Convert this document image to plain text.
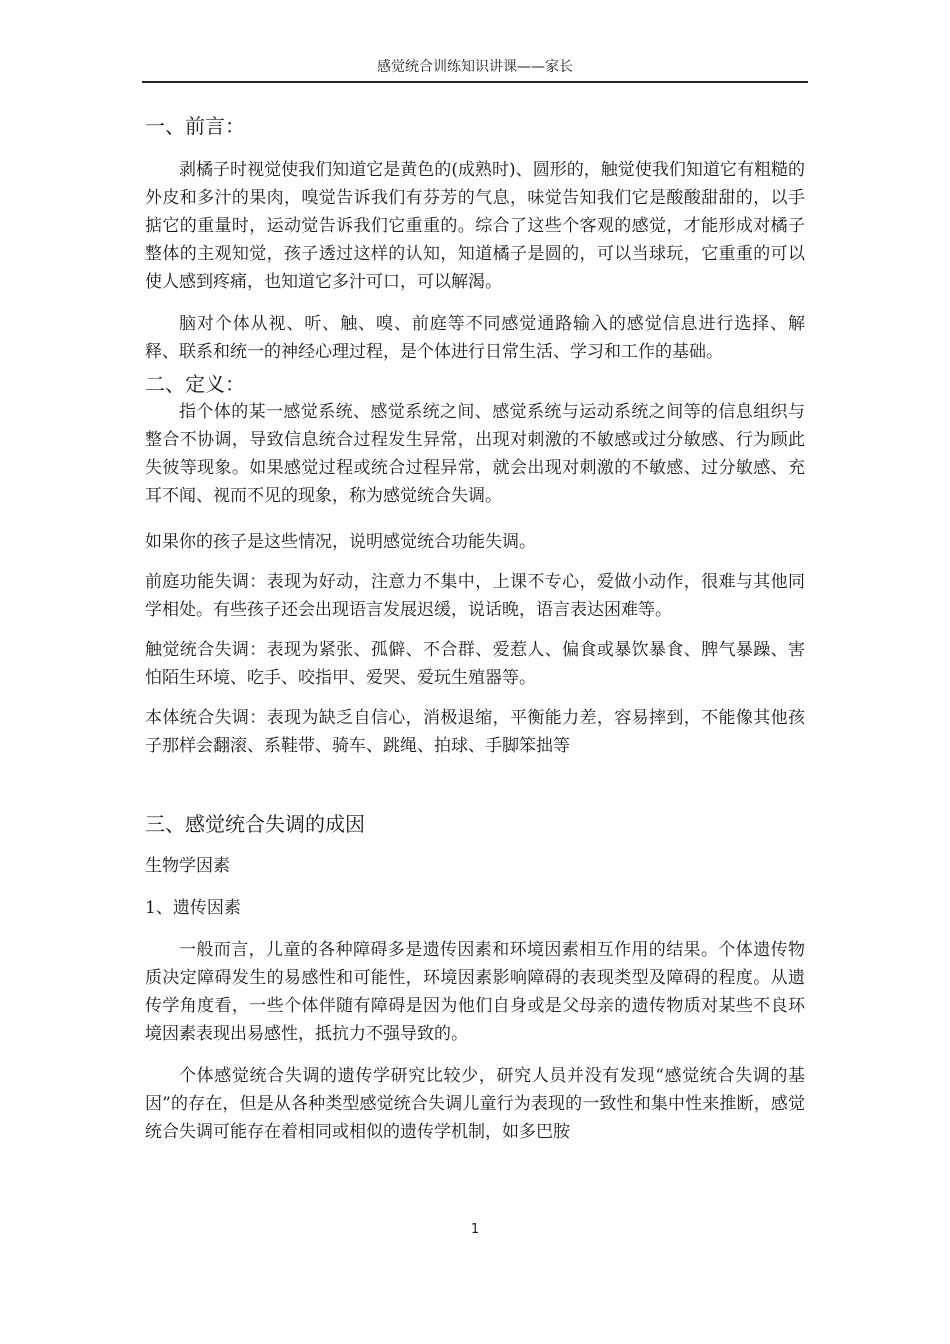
感觉统合训练知识讲课——家长
一、前言：

剥橘子时视觉使我们知道它是黄色的(成熟时)、圆形的，触觉使我们知道它有粗糙的外皮和多汁的果肉，嗅觉告诉我们有芬芳的气息，味觉告知我们它是酸酸甜甜的，以手掂它的重量时，运动觉告诉我们它重重的。综合了这些个客观的感觉，才能形成对橘子整体的主观知觉，孩子透过这样的认知，知道橘子是圆的，可以当球玩，它重重的可以使人感到疼痛，也知道它多汁可口，可以解渴。

脑对个体从视、听、触、嗅、前庭等不同感觉通路输入的感觉信息进行选择、解释、联系和统一的神经心理过程，是个体进行日常生活、学习和工作的基础。

二、定义：

指个体的某一感觉系统、感觉系统之间、感觉系统与运动系统之间等的信息组织与整合不协调，导致信息统合过程发生异常，出现对刺激的不敏感或过分敏感、行为顾此失彼等现象。如果感觉过程或统合过程异常，就会出现对刺激的不敏感、过分敏感、充耳不闻、视而不见的现象，称为感觉统合失调。

如果你的孩子是这些情况，说明感觉统合功能失调。

前庭功能失调：表现为好动，注意力不集中，上课不专心，爱做小动作，很难与其他同学相处。有些孩子还会出现语言发展迟缓，说话晚，语言表达困难等。

触觉统合失调：表现为紧张、孤僻、不合群、爱惹人、偏食或暴饮暴食、脾气暴躁、害怕陌生环境、吃手、咬指甲、爱哭、爱玩生殖器等。

本体统合失调：表现为缺乏自信心，消极退缩，平衡能力差，容易摔到，不能像其他孩子那样会翻滚、系鞋带、骑车、跳绳、拍球、手脚笨拙等

三、感觉统合失调的成因

生物学因素

1、遗传因素

一般而言，儿童的各种障碍多是遗传因素和环境因素相互作用的结果。个体遗传物质决定障碍发生的易感性和可能性，环境因素影响障碍的表现类型及障碍的程度。从遗传学角度看，一些个体伴随有障碍是因为他们自身或是父母亲的遗传物质对某些不良环境因素表现出易感性，抵抗力不强导致的。

个体感觉统合失调的遗传学研究比较少，研究人员并没有发现“感觉统合失调的基因”的存在，但是从各种类型感觉统合失调儿童行为表现的一致性和集中性来推断，感觉统合失调可能存在着相同或相似的遗传学机制，如多巴胺

1
